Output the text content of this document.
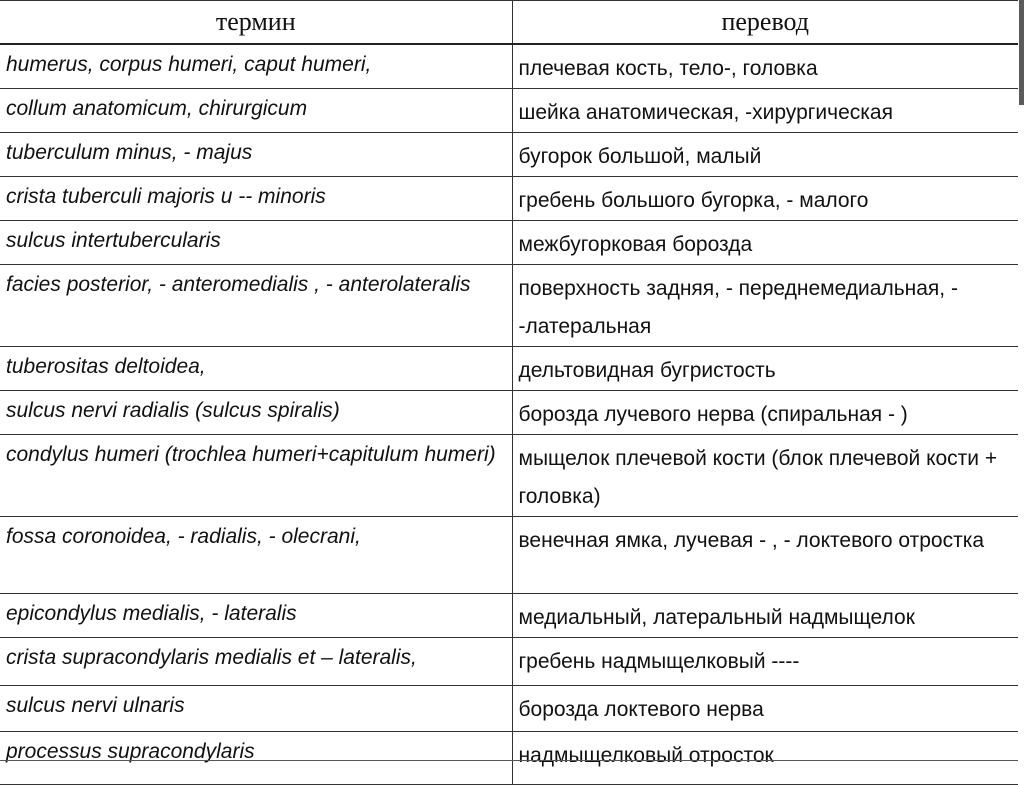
термин	перевод
humerus, corpus humeri, caput humeri,	плечевая кость, тело-, головка
collum anatomicum, chirurgicum	шейка анатомическая, -хирургическая
tuberculum minus, - majus	бугорок большой, малый
crista tuberculi majoris и -- minoris	гребень большого бугорка, - малого
sulcus intertubercularis	межбугорковая борозда
facies posterior, - anteromedialis , - anterolateralis	поверхность задняя, - переднемедиальная, - -латеральная
tuberositas deltoidea,	дельтовидная бугристость
sulcus nervi radialis (sulcus spiralis)	борозда лучевого нерва (спиральная - )
condylus humeri (trochlea humeri+capitulum humeri)	мыщелок плечевой кости (блок плечевой кости + головка)
fossa coronoidea, - radialis, - olecrani,	венечная ямка, лучевая - , - локтевого отростка
epicondylus medialis, - lateralis	медиальный, латеральный надмыщелок
crista supracondylaris medialis et – lateralis,	гребень надмыщелковый ----
sulcus nervi ulnaris	борозда локтевого нерва
processus supracondylaris	надмыщелковый отросток
